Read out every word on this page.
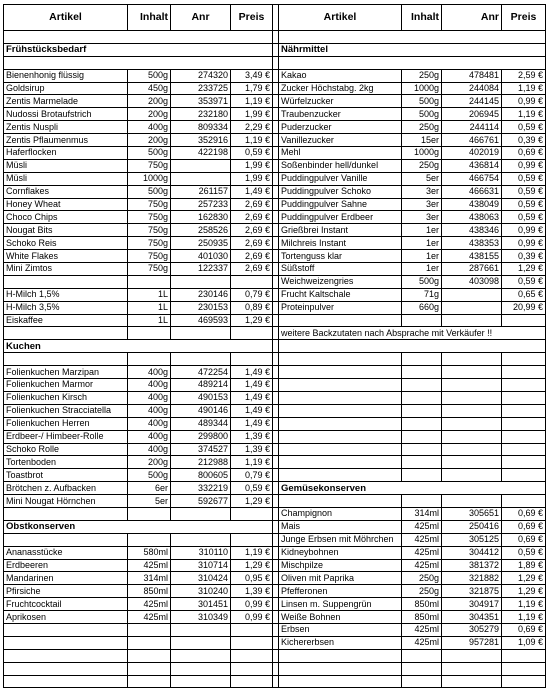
Artikel	Inhalt	Anr	Preis		Artikel	Inhalt	Anr	Preis

Frühstücksbedarf					Nährmittel			

Bienenhonig flüssig	500g	274320	3,49 €		Kakao	250g	478481	2,59 €
Goldsirup	450g	233725	1,79 €		Zucker Höchstabg. 2kg	1000g	244084	1,19 €
Zentis Marmelade	200g	353971	1,19 €		Würfelzucker	500g	244145	0,99 €
Nudossi Brotaufstrich	200g	232180	1,99 €		Traubenzucker	500g	206945	1,19 €
Zentis Nuspli	400g	809334	2,29 €		Puderzucker	250g	244114	0,59 €
Zentis Pflaumenmus	200g	352916	1,19 €		Vanillezucker	15er	466761	0,39 €
Haferflocken	500g	422198	0,59 €		Mehl	1000g	402019	0,69 €
Müsli	750g		1,99 €		Soßenbinder hell/dunkel	250g	436814	0,99 €
Müsli	1000g		1,99 €		Puddingpulver Vanille	5er	466754	0,59 €
Cornflakes	500g	261157	1,49 €		Puddingpulver Schoko	3er	466631	0,59 €
Honey Wheat	750g	257233	2,69 €		Puddingpulver Sahne	3er	438049	0,59 €
Choco Chips	750g	162830	2,69 €		Puddingpulver Erdbeer	3er	438063	0,59 €
Nougat Bits	750g	258526	2,69 €		Grießbrei Instant	1er	438346	0,99 €
Schoko Reis	750g	250935	2,69 €		Milchreis Instant	1er	438353	0,99 €
White Flakes	750g	401030	2,69 €		Tortenguss klar	1er	438155	0,39 €
Mini Zimtos	750g	122337	2,69 €		Süßstoff	1er	287661	1,29 €
					Weichweizengries	500g	403098	0,59 €
H-Milch 1,5%	1L	230146	0,79 €		Frucht Kaltschale	71g		0,65 €
H-Milch 3,5%	1L	230153	0,89 €		Proteinpulver	660g		20,99 €
Eiskaffee	1L	469593	1,29 €					
					weitere Backzutaten nach Absprache mit Verkäufer !!			
Kuchen								

Folienkuchen Marzipan	400g	472254	1,49 €					
Folienkuchen Marmor	400g	489214	1,49 €					
Folienkuchen Kirsch	400g	490153	1,49 €					
Folienkuchen Stracciatella	400g	490146	1,49 €					
Folienkuchen Herren	400g	489344	1,49 €					
Erdbeer-/ Himbeer-Rolle	400g	299800	1,39 €					
Schoko Rolle	400g	374527	1,39 €					
Tortenboden	200g	212988	1,19 €					
Toastbrot	500g	800605	0,79 €					
Brötchen z. Aufbacken	6er	332219	0,59 €		Gemüsekonserven			
Mini Nougat Hörnchen	5er	592677	1,29 €					
					Champignon	314ml	305651	0,69 €
Obstkonserven					Mais	425ml	250416	0,69 €
					Junge Erbsen mit Möhrchen	425ml	305125	0,69 €
Ananasstücke	580ml	310110	1,19 €		Kidneybohnen	425ml	304412	0,59 €
Erdbeeren	425ml	310714	1,29 €		Mischpilze	425ml	381372	1,89 €
Mandarinen	314ml	310424	0,95 €		Oliven mit Paprika	250g	321882	1,29 €
Pfirsiche	850ml	310240	1,39 €		Pfefferonen	250g	321875	1,29 €
Fruchtcocktail	425ml	301451	0,99 €		Linsen m. Suppengrün	850ml	304917	1,19 €
Aprikosen	425ml	310349	0,99 €		Weiße Bohnen	850ml	304351	1,19 €
					Erbsen	425ml	305279	0,69 €
					Kichererbsen	425ml	957281	1,09 €
